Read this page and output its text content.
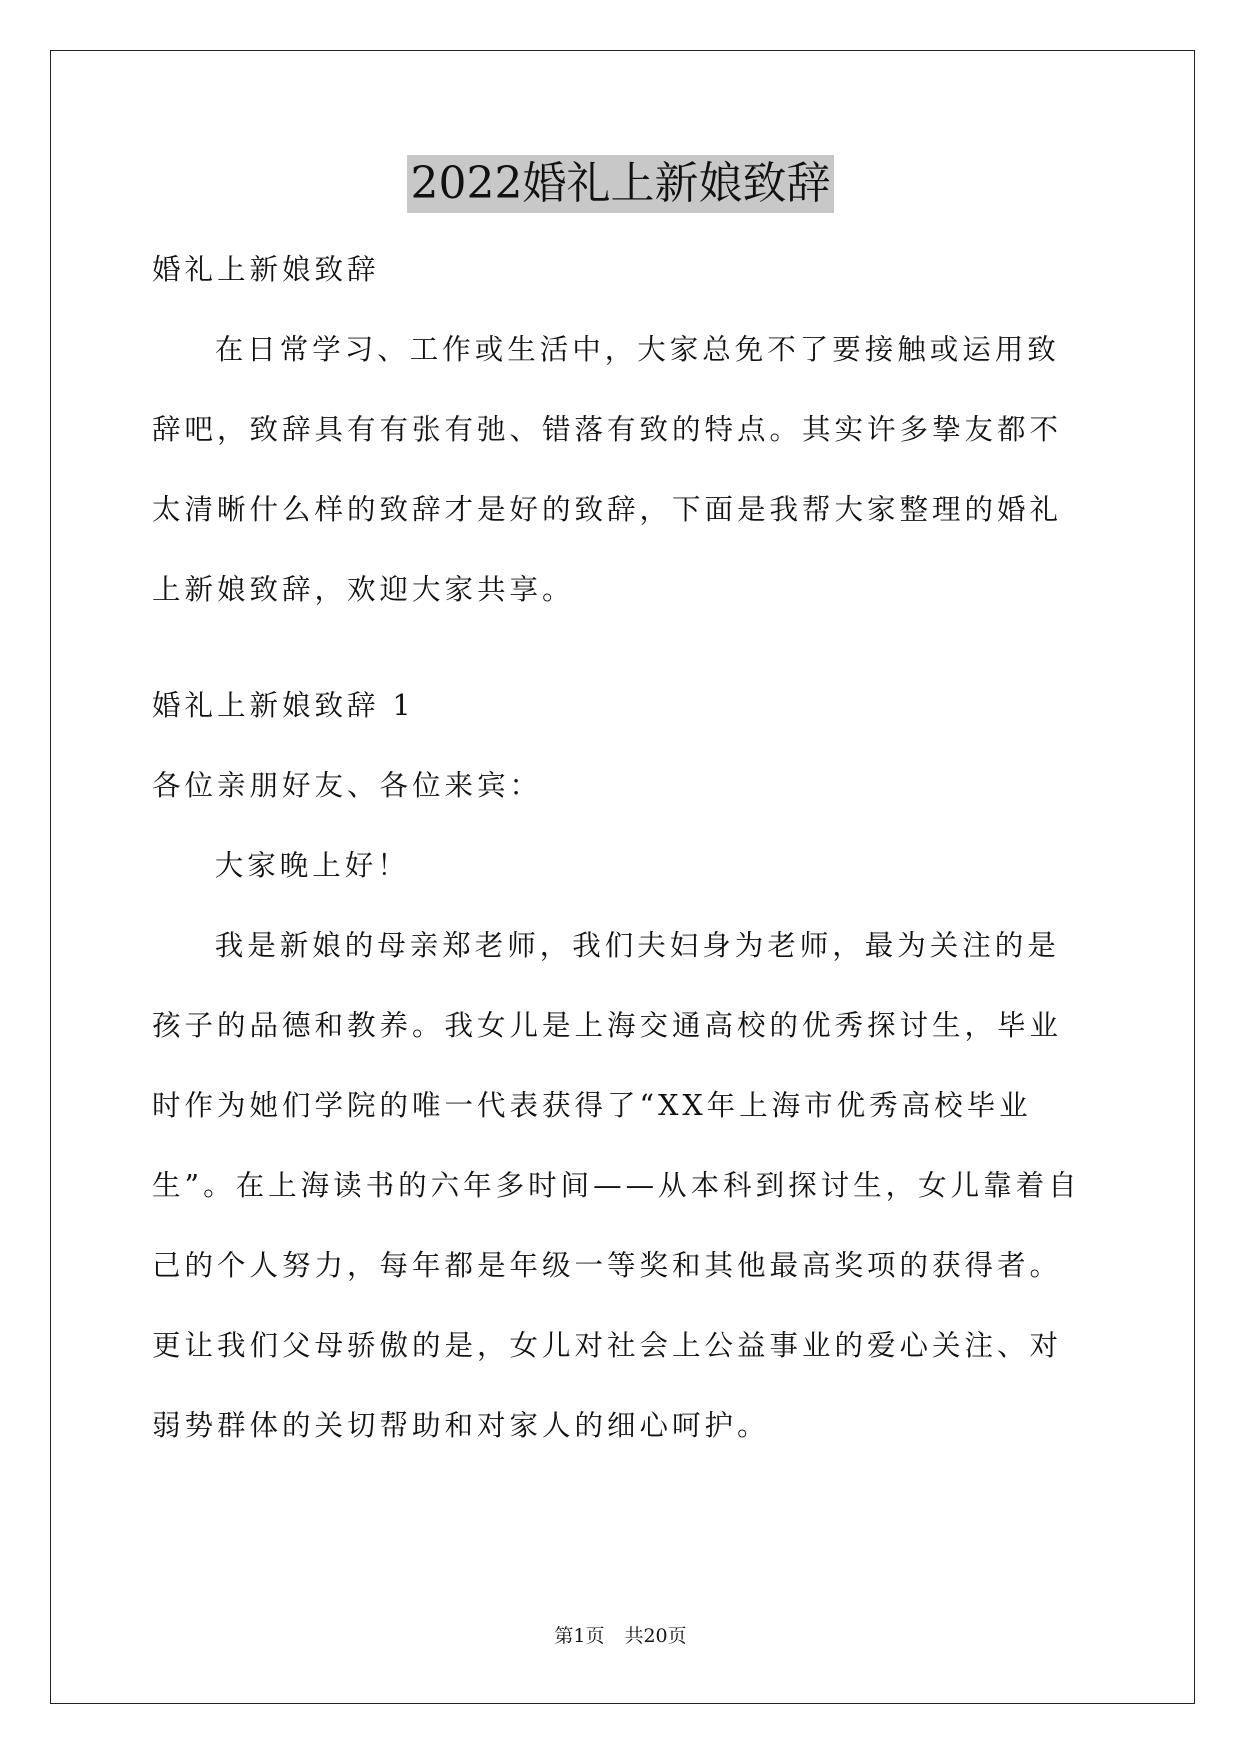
2022婚礼上新娘致辞

婚礼上新娘致辞

在日常学习、工作或生活中，大家总免不了要接触或运用致辞吧，致辞具有有张有弛、错落有致的特点。其实许多挚友都不太清晰什么样的致辞才是好的致辞，下面是我帮大家整理的婚礼上新娘致辞，欢迎大家共享。

婚礼上新娘致辞 1

各位亲朋好友、各位来宾：

大家晚上好！

我是新娘的母亲郑老师，我们夫妇身为老师，最为关注的是孩子的品德和教养。我女儿是上海交通高校的优秀探讨生，毕业时作为她们学院的唯一代表获得了“XX年上海市优秀高校毕业生”。在上海读书的六年多时间——从本科到探讨生，女儿靠着自己的个人努力，每年都是年级一等奖和其他最高奖项的获得者。更让我们父母骄傲的是，女儿对社会上公益事业的爱心关注、对弱势群体的关切帮助和对家人的细心呵护。

第1页 共20页
